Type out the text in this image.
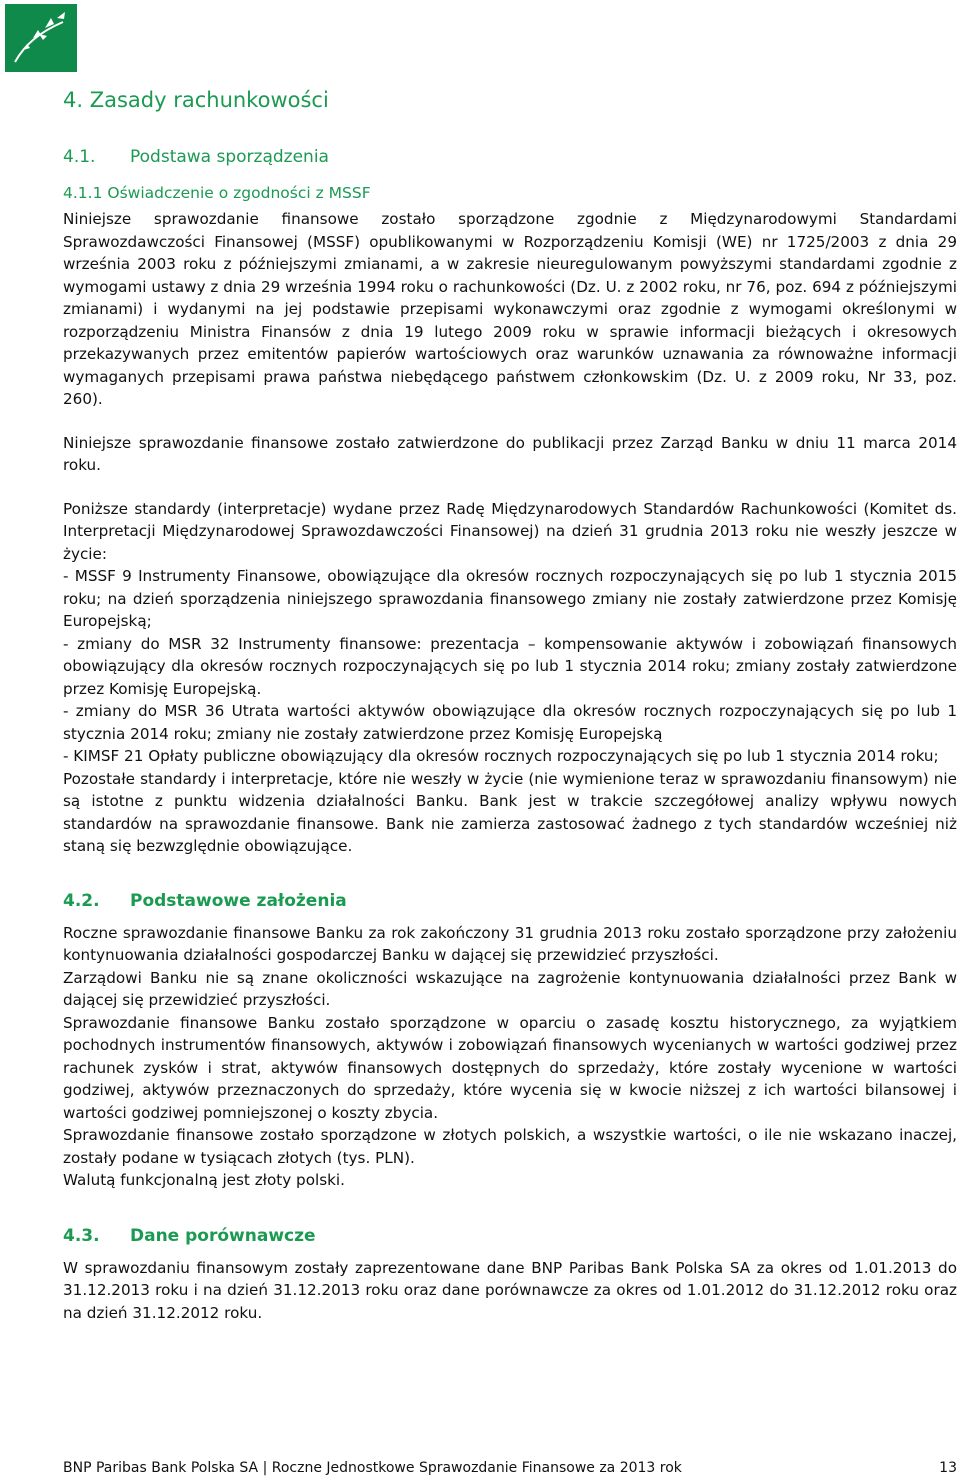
4. Zasady rachunkowości
4.1.	Podstawa sporządzenia
4.1.1 Oświadczenie o zgodności z MSSF

Niniejsze sprawozdanie finansowe zostało sporządzone zgodnie z Międzynarodowymi Standardami Sprawozdawczości Finansowej (MSSF) opublikowanymi w Rozporządzeniu Komisji (WE) nr 1725/2003 z dnia 29 września 2003 roku z późniejszymi zmianami, a w zakresie nieuregulowanym powyższymi standardami zgodnie z wymogami ustawy z dnia 29 września 1994 roku o rachunkowości (Dz. U. z 2002 roku, nr 76, poz. 694 z późniejszymi zmianami) i wydanymi na jej podstawie przepisami wykonawczymi oraz zgodnie z wymogami określonymi w rozporządzeniu Ministra Finansów z dnia 19 lutego 2009 roku w sprawie informacji bieżących i okresowych przekazywanych przez emitentów papierów wartościowych oraz warunków uznawania za równoważne informacji wymaganych przepisami prawa państwa niebędącego państwem członkowskim (Dz. U. z 2009 roku, Nr 33, poz. 260).

Niniejsze sprawozdanie finansowe zostało zatwierdzone do publikacji przez Zarząd Banku w dniu 11 marca 2014 roku.

Poniższe standardy (interpretacje) wydane przez Radę Międzynarodowych Standardów Rachunkowości (Komitet ds. Interpretacji Międzynarodowej Sprawozdawczości Finansowej) na dzień 31 grudnia 2013 roku nie weszły jeszcze w życie:

- MSSF 9 Instrumenty Finansowe, obowiązujące dla okresów rocznych rozpoczynających się po lub 1 stycznia 2015 roku; na dzień sporządzenia niniejszego sprawozdania finansowego zmiany nie zostały zatwierdzone przez Komisję Europejską;

- zmiany do MSR 32 Instrumenty finansowe: prezentacja – kompensowanie aktywów i zobowiązań finansowych obowiązujący dla okresów rocznych rozpoczynających się po lub 1 stycznia 2014 roku; zmiany zostały zatwierdzone przez Komisję Europejską.

- zmiany do MSR 36 Utrata wartości aktywów obowiązujące dla okresów rocznych rozpoczynających się po lub 1 stycznia 2014 roku; zmiany nie zostały zatwierdzone przez Komisję Europejską

- KIMSF 21 Opłaty publiczne obowiązujący dla okresów rocznych rozpoczynających się po lub 1 stycznia 2014 roku;

Pozostałe standardy i interpretacje, które nie weszły w życie (nie wymienione teraz w sprawozdaniu finansowym) nie są istotne z punktu widzenia działalności Banku. Bank jest w trakcie szczegółowej analizy wpływu nowych standardów na sprawozdanie finansowe. Bank nie zamierza zastosować żadnego z tych standardów wcześniej niż staną się bezwzględnie obowiązujące.

4.2.	Podstawowe założenia

Roczne sprawozdanie finansowe Banku za rok zakończony 31 grudnia 2013 roku zostało sporządzone przy założeniu kontynuowania działalności gospodarczej Banku w dającej się przewidzieć przyszłości.

Zarządowi Banku nie są znane okoliczności wskazujące na zagrożenie kontynuowania działalności przez Bank w dającej się przewidzieć przyszłości.

Sprawozdanie finansowe Banku zostało sporządzone w oparciu o zasadę kosztu historycznego, za wyjątkiem pochodnych instrumentów finansowych, aktywów i zobowiązań finansowych wycenianych w wartości godziwej przez rachunek zysków i strat, aktywów finansowych dostępnych do sprzedaży, które zostały wycenione w wartości godziwej, aktywów przeznaczonych do sprzedaży, które wycenia się w kwocie niższej z ich wartości bilansowej i wartości godziwej pomniejszonej o koszty zbycia.

Sprawozdanie finansowe zostało sporządzone w złotych polskich, a wszystkie wartości, o ile nie wskazano inaczej, zostały podane w tysiącach złotych (tys. PLN).

Walutą funkcjonalną jest złoty polski.

4.3.	Dane porównawcze

W sprawozdaniu finansowym zostały zaprezentowane dane BNP Paribas Bank Polska SA za okres od 1.01.2013 do 31.12.2013 roku i na dzień 31.12.2013 roku oraz dane porównawcze za okres od 1.01.2012 do 31.12.2012 roku oraz na dzień 31.12.2012 roku.

BNP Paribas Bank Polska SA | Roczne Jednostkowe Sprawozdanie Finansowe za 2013 rok	13
